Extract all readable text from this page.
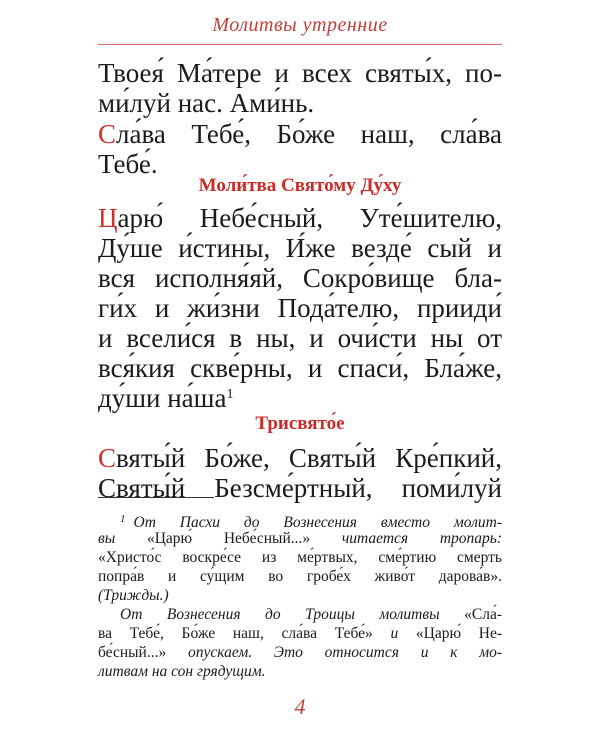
Молитвы утренние
Твоея́ Ма́тере и всех святы́х, по-
ми́луй нас. Ами́нь.
Сла́ва Тебе́, Бо́же наш, сла́ва
Тебе́.
Моли́тва Свято́му Ду́ху
Царю́ Небе́сный, Уте́шителю,
Ду́ше и́стины, И́же везде́ сый и
вся исполня́яй, Сокро́вище бла-
ги́х и жи́зни Пода́телю, прииди́
и всели́ся в ны, и очи́сти ны от
вся́кия скве́рны, и спаси́, Бла́же,
ду́ши $на́ша^1$
Трисвято́е
Святы́й Бо́же, Святы́й Кре́пкий,
Святы́й Безсме́ртный, поми́луй
$^1$ От Пасхи до Вознесения вместо молит-
вы «Царю́ Небе́сный...» читается тропарь:
«Христо́с воскре́се из ме́ртвых, сме́ртию смерть
попра́в и су́щим во гробе́х живо́т дарова́в».
(Трижды.)
От Вознесения до Троицы молитвы «Сла́-
ва Тебе́, Бо́же наш, сла́ва Тебе́» и «Царю́ Не-
бе́сный...» опускаем. Это относится и к мо-
литвам на сон грядущим.
4
